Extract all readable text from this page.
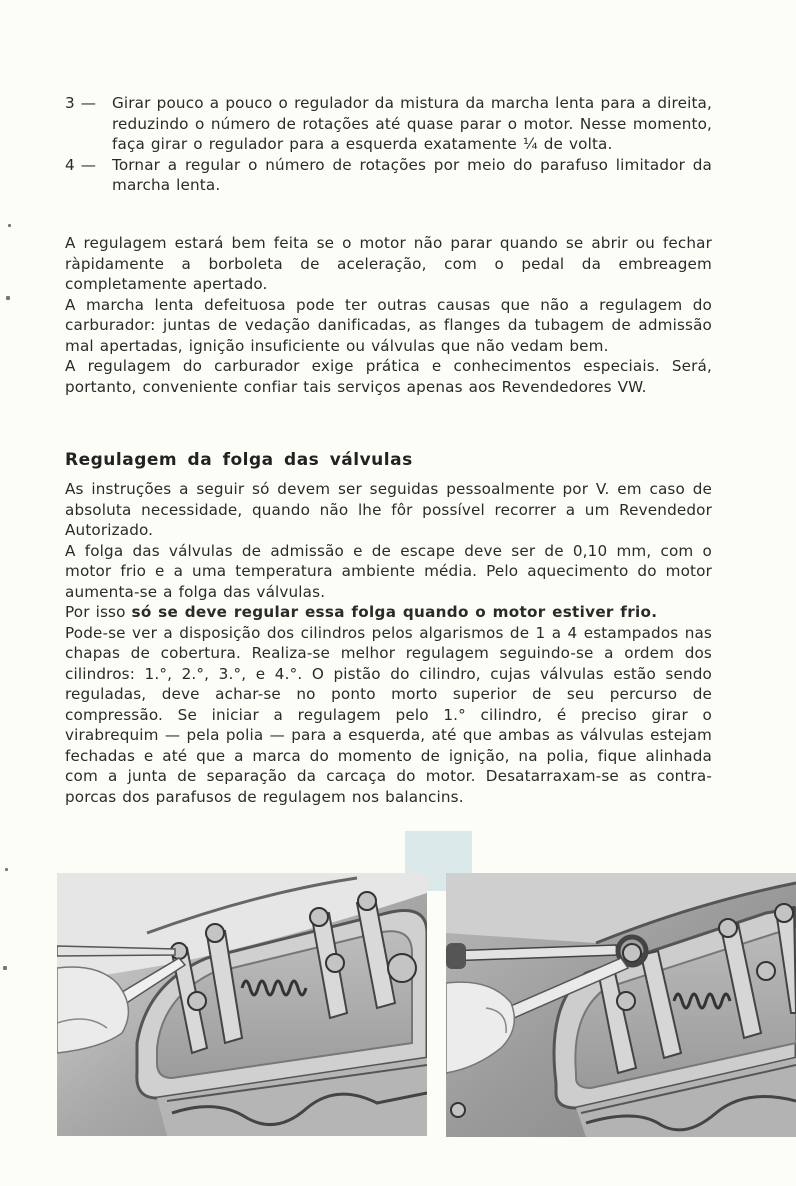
3 — Girar pouco a pouco o regulador da mistura da marcha lenta para a direita, reduzindo o número de rotações até quase parar o motor. Nesse momento, faça girar o regulador para a esquerda exatamente ¼ de volta.
4 — Tornar a regular o número de rotações por meio do parafuso limitador da marcha lenta.

A regulagem estará bem feita se o motor não parar quando se abrir ou fechar ràpidamente a borboleta de aceleração, com o pedal da embreagem completamente apertado.

A marcha lenta defeituosa pode ter outras causas que não a regulagem do carburador: juntas de vedação danificadas, as flanges da tubagem de admissão mal apertadas, ignição insuficiente ou válvulas que não vedam bem.

A regulagem do carburador exige prática e conhecimentos especiais. Será, portanto, conveniente confiar tais serviços apenas aos Revendedores VW.

Regulagem da folga das válvulas

As instruções a seguir só devem ser seguidas pessoalmente por V. em caso de absoluta necessidade, quando não lhe fôr possível recorrer a um Revendedor Autorizado.

A folga das válvulas de admissão e de escape deve ser de 0,10 mm, com o motor frio e a uma temperatura ambiente média. Pelo aquecimento do motor aumenta-se a folga das válvulas.

Por isso só se deve regular essa folga quando o motor estiver frio.

Pode-se ver a disposição dos cilindros pelos algarismos de 1 a 4 estampados nas chapas de cobertura. Realiza-se melhor regulagem seguindo-se a ordem dos cilindros: 1.°, 2.°, 3.°, e 4.°. O pistão do cilindro, cujas válvulas estão sendo reguladas, deve achar-se no ponto morto superior de seu percurso de compressão. Se iniciar a regulagem pelo 1.° cilindro, é preciso girar o virabrequim — pela polia — para a esquerda, até que ambas as válvulas estejam fechadas e até que a marca do momento de ignição, na polia, fique alinhada com a junta de separação da carcaça do motor. Desatarraxam-se as contra-porcas dos parafusos de regulagem nos balancins.
